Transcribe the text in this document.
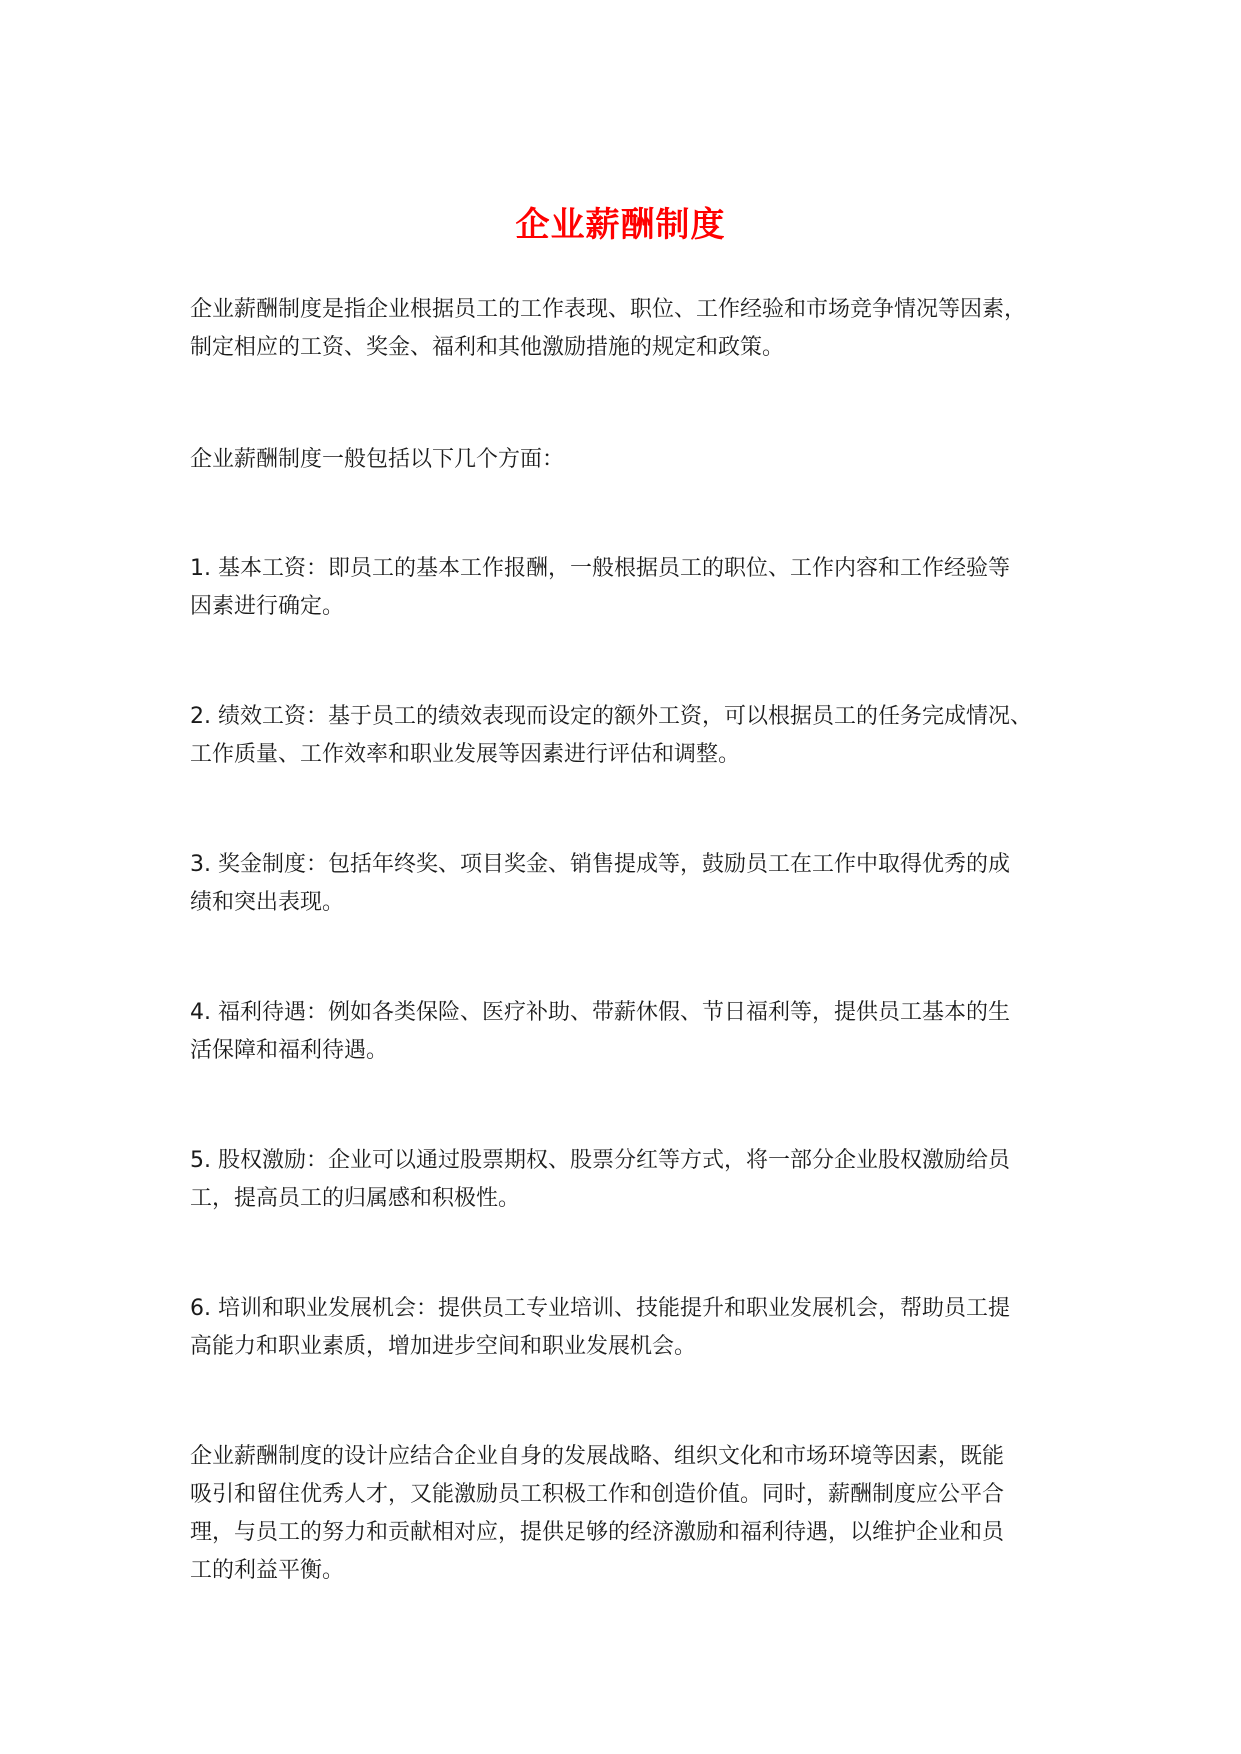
企业薪酬制度

企业薪酬制度是指企业根据员工的工作表现、职位、工作经验和市场竞争情况等因素，
制定相应的工资、奖金、福利和其他激励措施的规定和政策。

企业薪酬制度一般包括以下几个方面：

1. 基本工资：即员工的基本工作报酬，一般根据员工的职位、工作内容和工作经验等
因素进行确定。

2. 绩效工资：基于员工的绩效表现而设定的额外工资，可以根据员工的任务完成情况、
工作质量、工作效率和职业发展等因素进行评估和调整。

3. 奖金制度：包括年终奖、项目奖金、销售提成等，鼓励员工在工作中取得优秀的成
绩和突出表现。

4. 福利待遇：例如各类保险、医疗补助、带薪休假、节日福利等，提供员工基本的生
活保障和福利待遇。

5. 股权激励：企业可以通过股票期权、股票分红等方式，将一部分企业股权激励给员
工，提高员工的归属感和积极性。

6. 培训和职业发展机会：提供员工专业培训、技能提升和职业发展机会，帮助员工提
高能力和职业素质，增加进步空间和职业发展机会。

企业薪酬制度的设计应结合企业自身的发展战略、组织文化和市场环境等因素，既能
吸引和留住优秀人才，又能激励员工积极工作和创造价值。同时，薪酬制度应公平合
理，与员工的努力和贡献相对应，提供足够的经济激励和福利待遇，以维护企业和员
工的利益平衡。
